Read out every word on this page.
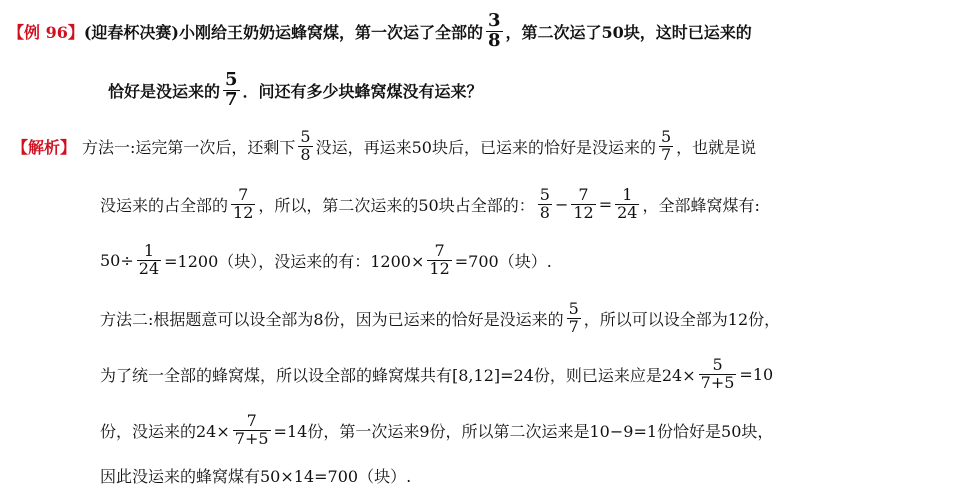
【例 96】 (迎春杯决赛)小刚给王奶奶运蜂窝煤，第一次运了全部的 $\frac{3}{8}$ ，第二次运了50块，这时已运来的
恰好是没运来的 $\frac{5}{7}$ ．问还有多少块蜂窝煤没有运来？
【解析】 方法一:运完第一次后，还剩下 $\frac{5}{8}$ 没运，再运来50块后，已运来的恰好是没运来的 $\frac{5}{7}$ ，也就是说
没运来的占全部的 $\frac{7}{12}$ ，所以，第二次运来的50块占全部的： $\frac{5}{8} - \frac{7}{12} = \frac{1}{24}$ ，全部蜂窝煤有:
$50\div \frac{1}{24} =1200$（块），没运来的有：$1200\times \frac{7}{12} =700$（块）.
方法二:根据题意可以设全部为8份，因为已运来的恰好是没运来的 $\frac{5}{7}$ ，所以可以设全部为12份，
为了统一全部的蜂窝煤，所以设全部的蜂窝煤共有[8,12]=24份，则已运来应是$24\times \frac{5}{7+5} =10$
份，没运来的$24\times \frac{7}{7+5} =14$份，第一次运来9份，所以第二次运来是10−9=1份恰好是50块，
因此没运来的蜂窝煤有50×14=700（块）.
